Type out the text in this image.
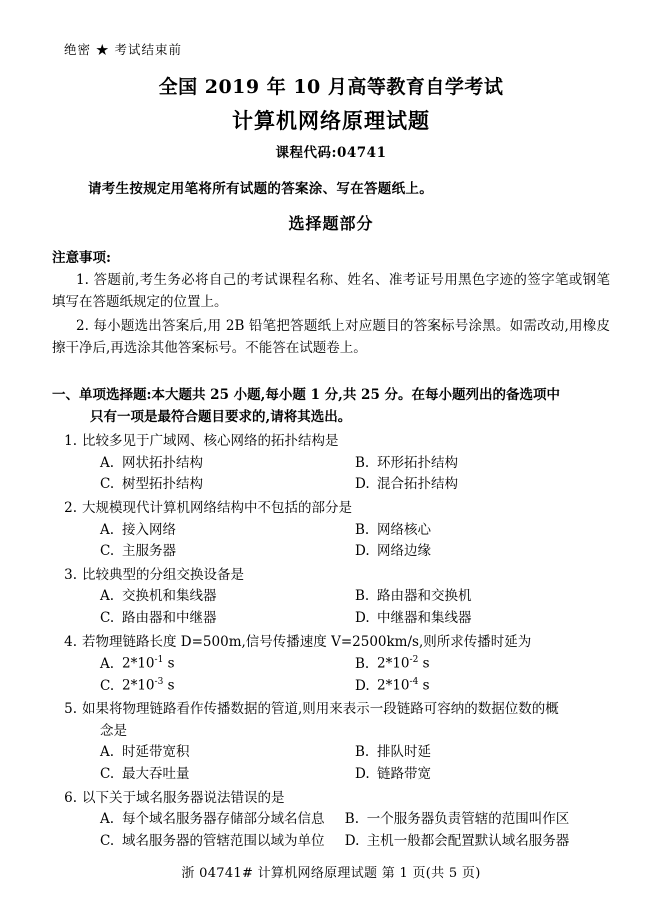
绝密 ★ 考试结束前
全国 2019 年 10 月高等教育自学考试
计算机网络原理试题
课程代码:04741
请考生按规定用笔将所有试题的答案涂、写在答题纸上。
选择题部分
注意事项:
1. 答题前,考生务必将自己的考试课程名称、姓名、准考证号用黑色字迹的签字笔或钢笔填写在答题纸规定的位置上。
2. 每小题选出答案后,用 2B 铅笔把答题纸上对应题目的答案标号涂黑。如需改动,用橡皮擦干净后,再选涂其他答案标号。不能答在试题卷上。
一、单项选择题:本大题共 25 小题,每小题 1 分,共 25 分。在每小题列出的备选项中
只有一项是最符合题目要求的,请将其选出。
1. 比较多见于广域网、核心网络的拓扑结构是
A. 网状拓扑结构	B. 环形拓扑结构
C. 树型拓扑结构	D. 混合拓扑结构
2. 大规模现代计算机网络结构中不包括的部分是
A. 接入网络	B. 网络核心
C. 主服务器	D. 网络边缘
3. 比较典型的分组交换设备是
A. 交换机和集线器	B. 路由器和交换机
C. 路由器和中继器	D. 中继器和集线器
4. 若物理链路长度 D=500m,信号传播速度 V=2500km/s,则所求传播时延为
A. $2*10^{-1}$ s	B. $2*10^{-2}$ s
C. $2*10^{-3}$ s	D. $2*10^{-4}$ s
5. 如果将物理链路看作传播数据的管道,则用来表示一段链路可容纳的数据位数的概
念是
A. 时延带宽积	B. 排队时延
C. 最大吞吐量	D. 链路带宽
6. 以下关于域名服务器说法错误的是
A. 每个域名服务器存储部分域名信息	B. 一个服务器负责管辖的范围叫作区
C. 域名服务器的管辖范围以域为单位	D. 主机一般都会配置默认域名服务器
浙 04741# 计算机网络原理试题 第 1 页(共 5 页)
